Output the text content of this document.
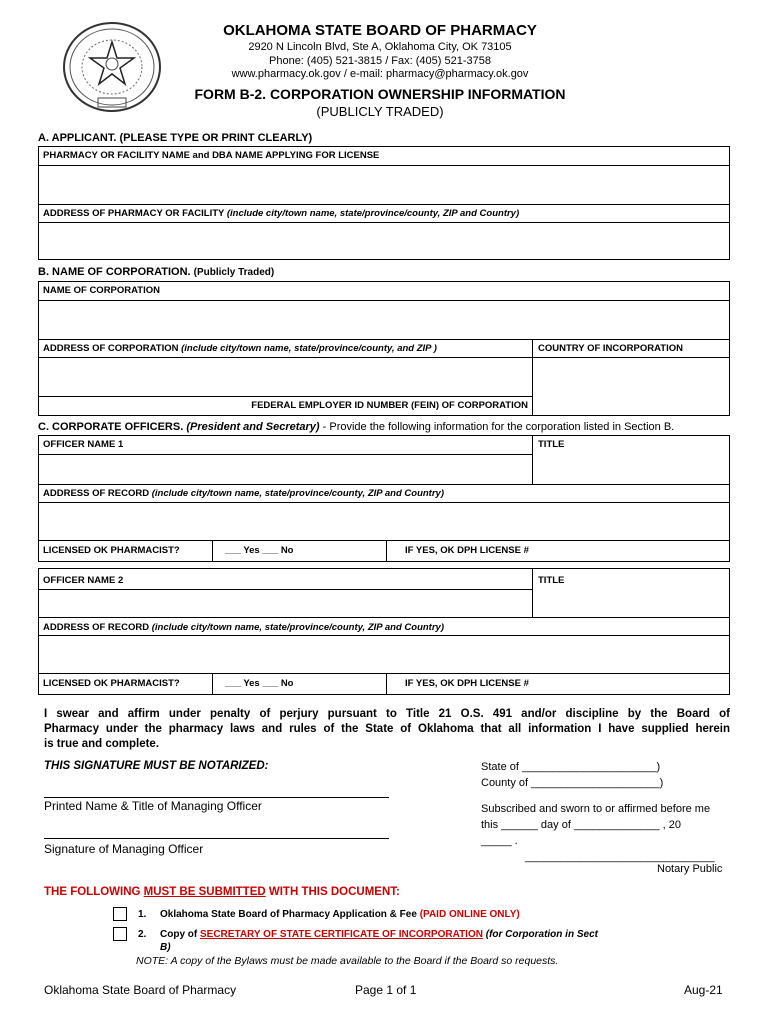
OKLAHOMA STATE BOARD OF PHARMACY
2920 N Lincoln Blvd, Ste A, Oklahoma City, OK 73105
Phone: (405) 521-3815 / Fax: (405) 521-3758
www.pharmacy.ok.gov / e-mail: pharmacy@pharmacy.ok.gov
FORM B-2. CORPORATION OWNERSHIP INFORMATION
(PUBLICLY TRADED)
A. APPLICANT. (PLEASE TYPE OR PRINT CLEARLY)
PHARMACY OR FACILITY NAME and DBA NAME APPLYING FOR LICENSE
ADDRESS OF PHARMACY OR FACILITY (include city/town name, state/province/county, ZIP and Country)
B. NAME OF CORPORATION. (Publicly Traded)
NAME OF CORPORATION
ADDRESS OF CORPORATION (include city/town name, state/province/county, and ZIP )	COUNTRY OF INCORPORATION
FEDERAL EMPLOYER ID NUMBER (FEIN) OF CORPORATION
C. CORPORATE OFFICERS. (President and Secretary) - Provide the following information for the corporation listed in Section B.
OFFICER NAME 1	TITLE
ADDRESS OF RECORD (include city/town name, state/province/county, ZIP and Country)
LICENSED OK PHARMACIST?	___ Yes ___ No	IF YES, OK DPH LICENSE #
OFFICER NAME 2	TITLE
ADDRESS OF RECORD (include city/town name, state/province/county, ZIP and Country)
LICENSED OK PHARMACIST?	___ Yes ___ No	IF YES, OK DPH LICENSE #
I swear and affirm under penalty of perjury pursuant to Title 21 O.S. 491 and/or discipline by the Board of
Pharmacy under the pharmacy laws and rules of the State of Oklahoma that all information I have supplied herein
is true and complete.
THIS SIGNATURE MUST BE NOTARIZED:
Printed Name & Title of Managing Officer
Signature of Managing Officer
State of ______________________)
County of _____________________)
Subscribed and sworn to or affirmed before me
this ______ day of ______________ , 20
_____ .
_______________________________
Notary Public
THE FOLLOWING MUST BE SUBMITTED WITH THIS DOCUMENT:
1. Oklahoma State Board of Pharmacy Application & Fee (PAID ONLINE ONLY)
2. Copy of SECRETARY OF STATE CERTIFICATE OF INCORPORATION (for Corporation in Sect
B)
NOTE: A copy of the Bylaws must be made available to the Board if the Board so requests.
Oklahoma State Board of Pharmacy	Page 1 of 1	Aug-21
